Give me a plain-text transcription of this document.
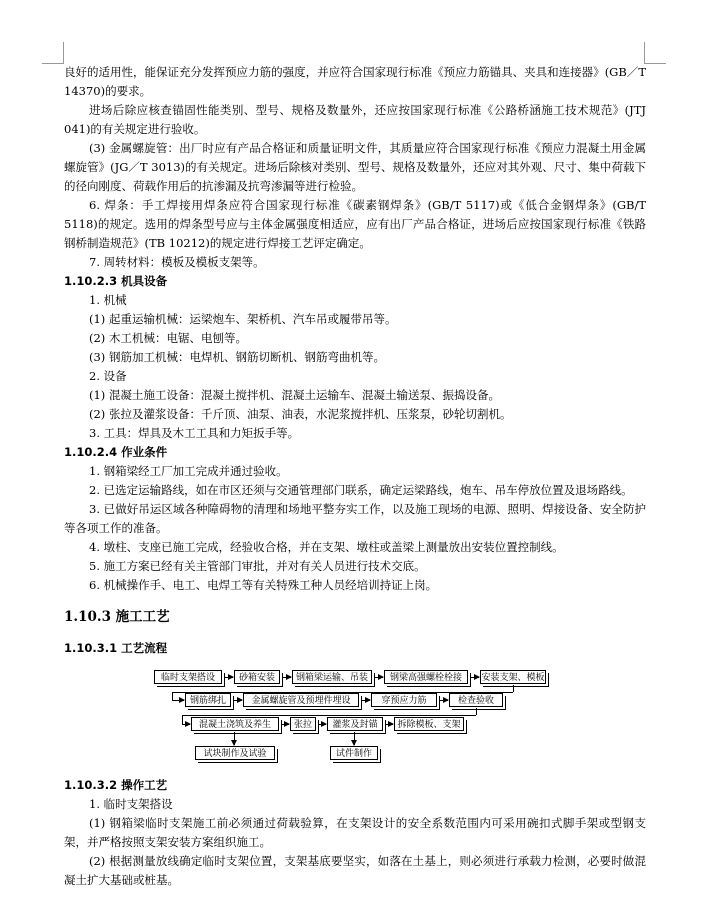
良好的适用性，能保证充分发挥预应力筋的强度，并应符合国家现行标准《预应力筋锚具、夹具和连接器》(GB／T 14370)的要求。

进场后除应核查锚固性能类别、型号、规格及数量外，还应按国家现行标准《公路桥涵施工技术规范》(JTJ 041)的有关规定进行验收。

(3) 金属螺旋管：出厂时应有产品合格证和质量证明文件，其质量应符合国家现行标准《预应力混凝土用金属螺旋管》(JG／T 3013)的有关规定。进场后除核对类别、型号、规格及数量外，还应对其外观、尺寸、集中荷载下的径向刚度、荷载作用后的抗渗漏及抗弯渗漏等进行检验。

6. 焊条：手工焊接用焊条应符合国家现行标准《碳素钢焊条》(GB/T 5117)或《低合金钢焊条》(GB/T 5118)的规定。选用的焊条型号应与主体金属强度相适应，应有出厂产品合格证，进场后应按国家现行标准《铁路钢桥制造规范》(TB 10212)的规定进行焊接工艺评定确定。

7. 周转材料：模板及模板支架等。

1.10.2.3 机具设备

1. 机械

(1) 起重运输机械：运梁炮车、架桥机、汽车吊或履带吊等。

(2) 木工机械：电锯、电刨等。

(3) 钢筋加工机械：电焊机、钢筋切断机、钢筋弯曲机等。

2. 设备

(1) 混凝土施工设备：混凝土搅拌机、混凝土运输车、混凝土输送泵、振捣设备。

(2) 张拉及灌浆设备：千斤顶、油泵、油表，水泥浆搅拌机、压浆泵，砂轮切割机。

3. 工具：焊具及木工工具和力矩扳手等。

1.10.2.4 作业条件

1. 钢箱梁经工厂加工完成并通过验收。

2. 已选定运输路线，如在市区还须与交通管理部门联系，确定运梁路线，炮车、吊车停放位置及退场路线。

3. 已做好吊运区域各种障碍物的清理和场地平整夯实工作，以及施工现场的电源、照明、焊接设备、安全防护等各项工作的准备。

4. 墩柱、支座已施工完成，经验收合格，并在支架、墩柱或盖梁上测量放出安装位置控制线。

5. 施工方案已经有关主管部门审批，并对有关人员进行技术交底。

6. 机械操作手、电工、电焊工等有关特殊工种人员经培训持证上岗。

1.10.3 施工工艺

1.10.3.1 工艺流程

临时支架搭设	砂箱安装	钢箱梁运输、吊装	钢梁高强螺栓栓接	安装支架、模板
钢筋绑扎	金属螺旋管及预埋件埋设	穿预应力筋	检查验收
混凝土浇筑及养生	张拉	灌浆及封锚	拆除模板、支架
试块制作及试验	试件制作

1.10.3.2 操作工艺

1. 临时支架搭设

(1) 钢箱梁临时支架施工前必须通过荷载验算，在支架设计的安全系数范围内可采用碗扣式脚手架或型钢支架，并严格按照支架安装方案组织施工。

(2) 根据测量放线确定临时支架位置，支架基底要坚实，如落在土基上，则必须进行承载力检测，必要时做混凝土扩大基础或桩基。
